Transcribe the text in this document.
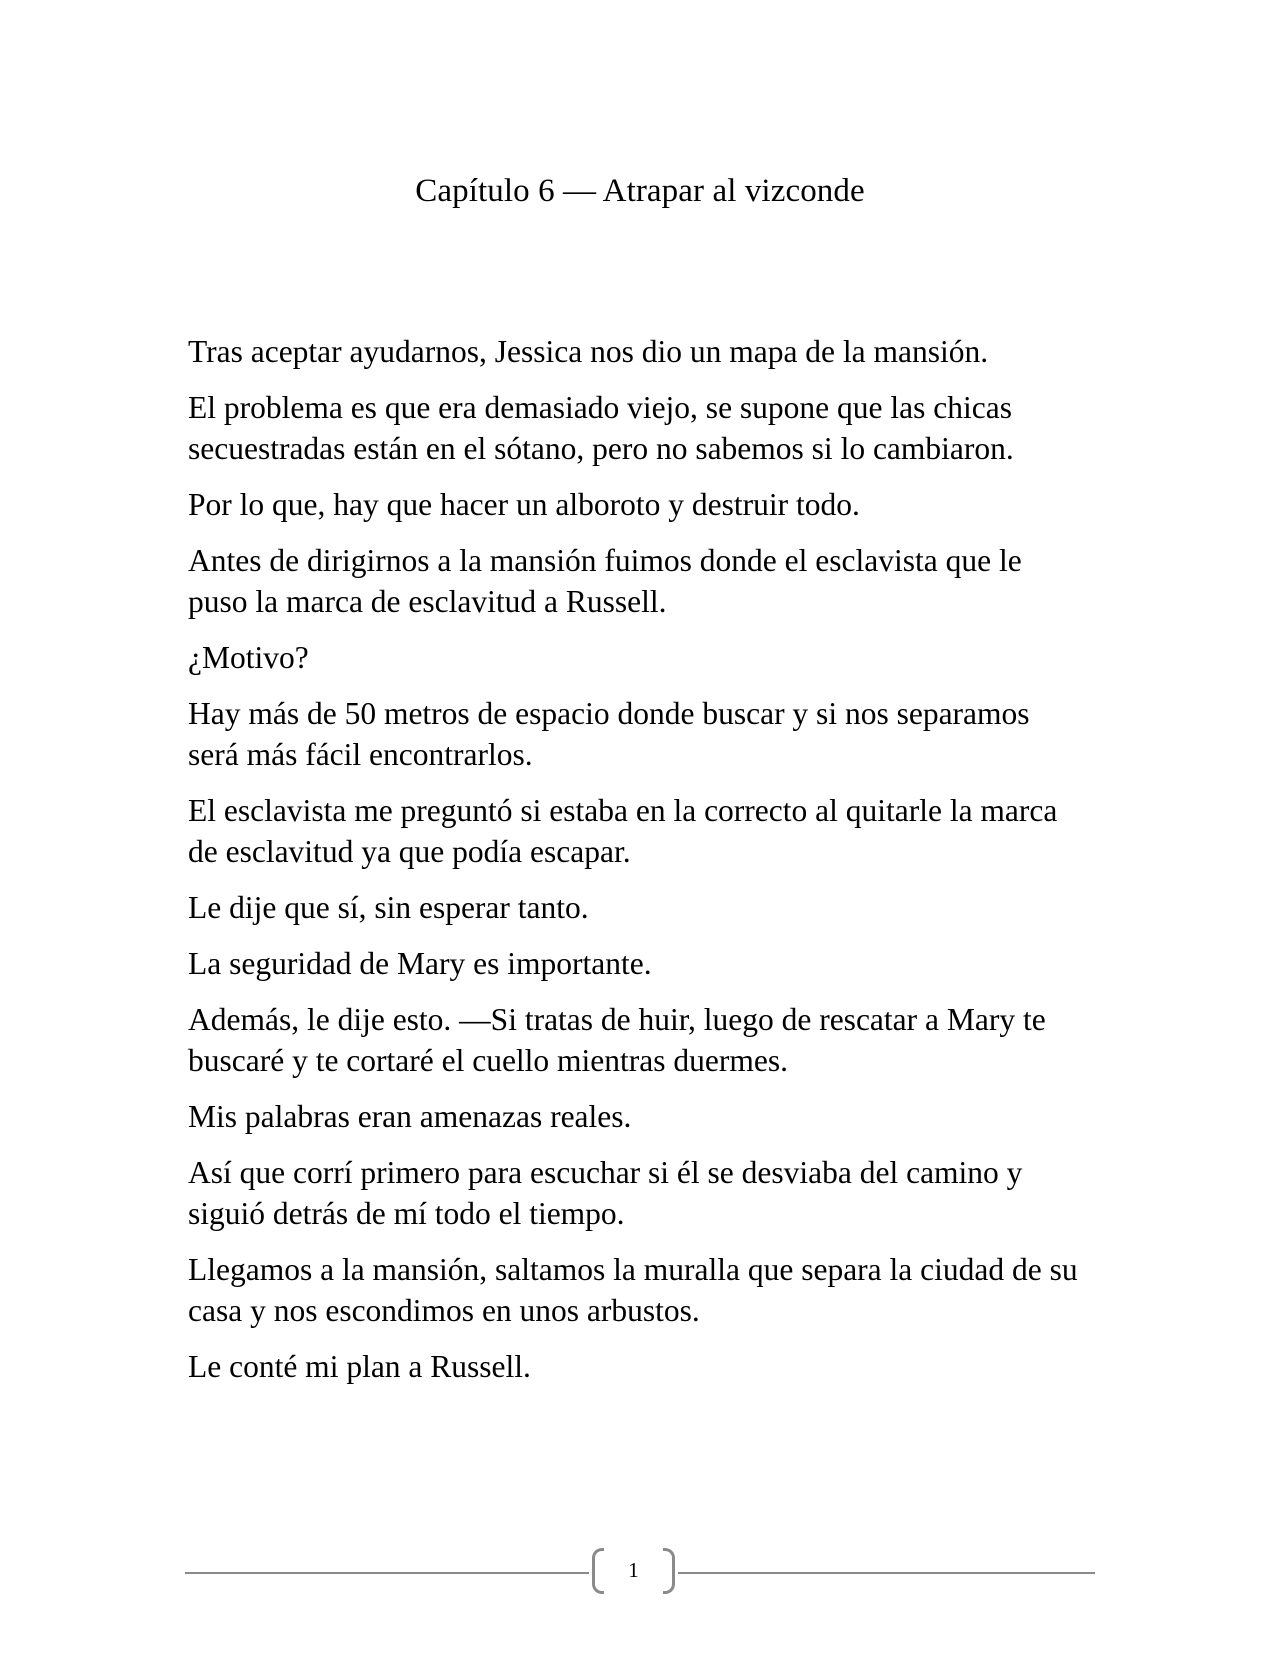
Capítulo 6 — Atrapar al vizconde

Tras aceptar ayudarnos, Jessica nos dio un mapa de la mansión.

El problema es que era demasiado viejo, se supone que las chicas secuestradas están en el sótano, pero no sabemos si lo cambiaron.

Por lo que, hay que hacer un alboroto y destruir todo.

Antes de dirigirnos a la mansión fuimos donde el esclavista que le puso la marca de esclavitud a Russell.

¿Motivo?

Hay más de 50 metros de espacio donde buscar y si nos separamos será más fácil encontrarlos.

El esclavista me preguntó si estaba en la correcto al quitarle la marca de esclavitud ya que podía escapar.

Le dije que sí, sin esperar tanto.

La seguridad de Mary es importante.

Además, le dije esto. —Si tratas de huir, luego de rescatar a Mary te buscaré y te cortaré el cuello mientras duermes.

Mis palabras eran amenazas reales.

Así que corrí primero para escuchar si él se desviaba del camino y siguió detrás de mí todo el tiempo.

Llegamos a la mansión, saltamos la muralla que separa la ciudad de su casa y nos escondimos en unos arbustos.

Le conté mi plan a Russell.

1
